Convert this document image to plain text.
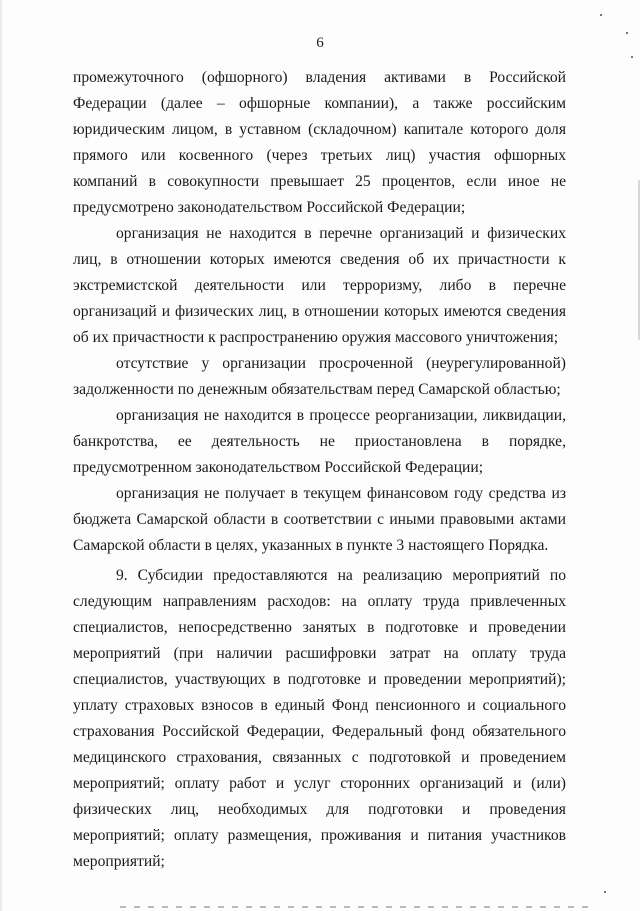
6

промежуточного (офшорного) владения активами в Российской Федерации (далее – офшорные компании), а также российским юридическим лицом, в уставном (складочном) капитале которого доля прямого или косвенного (через третьих лиц) участия офшорных компаний в совокупности превышает 25 процентов, если иное не предусмотрено законодательством Российской Федерации;

организация не находится в перечне организаций и физических лиц, в отношении которых имеются сведения об их причастности к экстремистской деятельности или терроризму, либо в перечне организаций и физических лиц, в отношении которых имеются сведения об их причастности к распространению оружия массового уничтожения;

отсутствие у организации просроченной (неурегулированной) задолженности по денежным обязательствам перед Самарской областью;

организация не находится в процессе реорганизации, ликвидации, банкротства, ее деятельность не приостановлена в порядке, предусмотренном законодательством Российской Федерации;

организация не получает в текущем финансовом году средства из бюджета Самарской области в соответствии с иными правовыми актами Самарской области в целях, указанных в пункте 3 настоящего Порядка.

9. Субсидии предоставляются на реализацию мероприятий по следующим направлениям расходов: на оплату труда привлеченных специалистов, непосредственно занятых в подготовке и проведении мероприятий (при наличии расшифровки затрат на оплату труда специалистов, участвующих в подготовке и проведении мероприятий); уплату страховых взносов в единый Фонд пенсионного и социального страхования Российской Федерации, Федеральный фонд обязательного медицинского страхования, связанных с подготовкой и проведением мероприятий; оплату работ и услуг сторонних организаций и (или) физических лиц, необходимых для подготовки и проведения мероприятий; оплату размещения, проживания и питания участников мероприятий;
